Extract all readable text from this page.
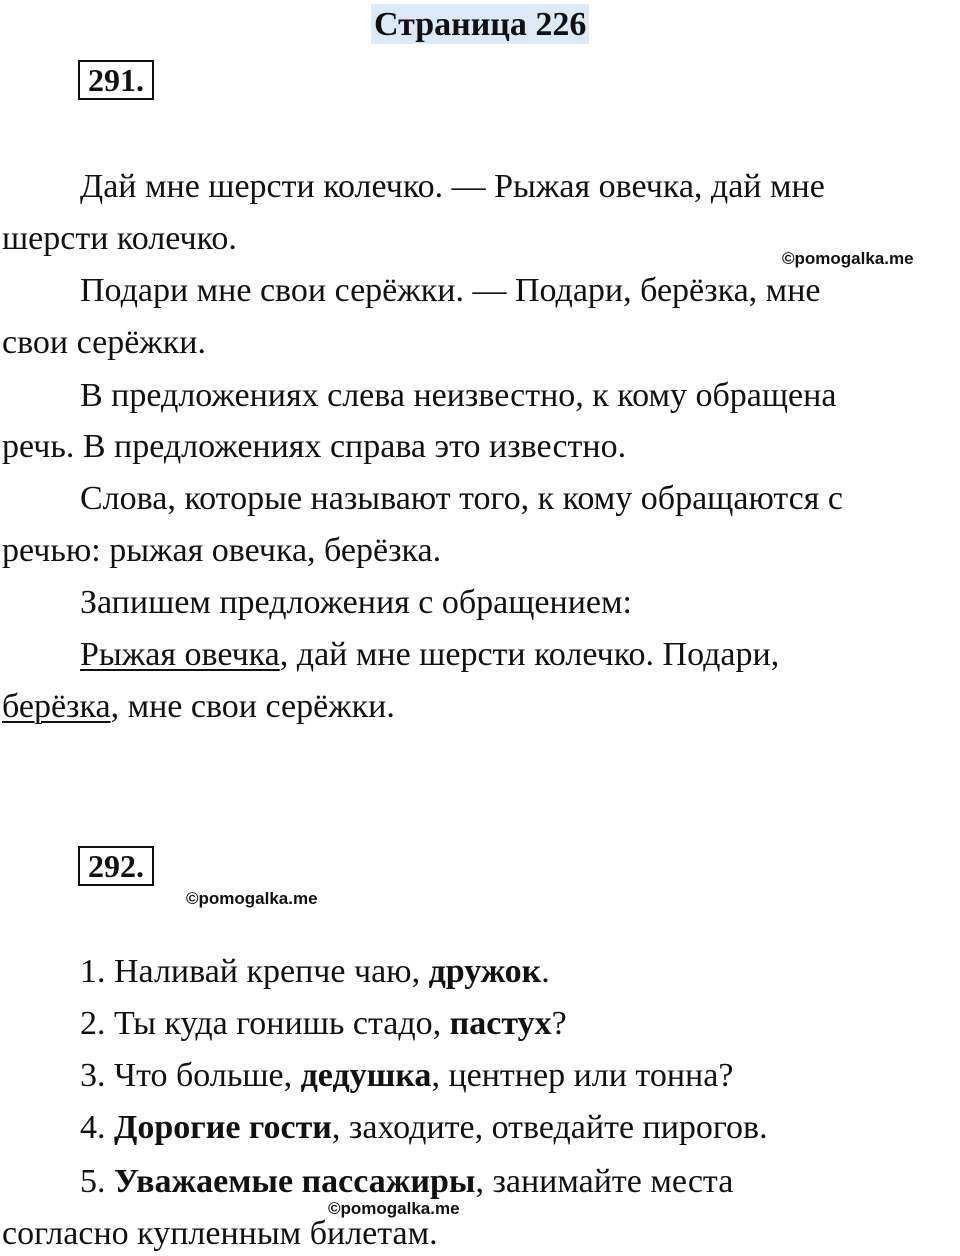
Страница 226
291.
Дай мне шерсти колечко. — Рыжая овечка, дай мне
шерсти колечко.
©pomogalka.me
Подари мне свои серёжки. — Подари, берёзка, мне
свои серёжки.
В предложениях слева неизвестно, к кому обращена
речь. В предложениях справа это известно.
Слова, которые называют того, к кому обращаются с
речью: рыжая овечка, берёзка.
Запишем предложения с обращением:
Рыжая овечка, дай мне шерсти колечко. Подари,
берёзка, мне свои серёжки.
292.
©pomogalka.me
1. Наливай крепче чаю, дружок.
2. Ты куда гонишь стадо, пастух?
3. Что больше, дедушка, центнер или тонна?
4. Дорогие гости, заходите, отведайте пирогов.
5. Уважаемые пассажиры, занимайте места
©pomogalka.me
согласно купленным билетам.
